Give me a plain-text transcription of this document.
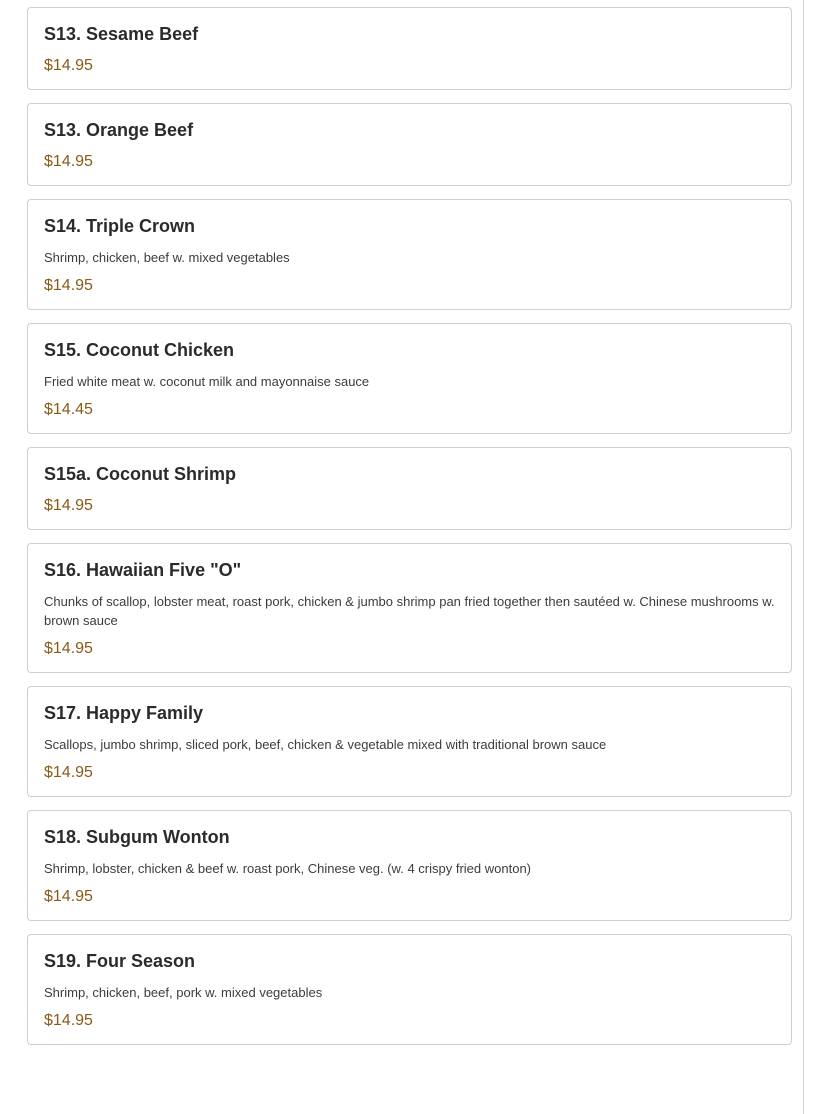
S13. Sesame Beef
$14.95
S13. Orange Beef
$14.95
S14. Triple Crown
Shrimp, chicken, beef w. mixed vegetables
$14.95
S15. Coconut Chicken
Fried white meat w. coconut milk and mayonnaise sauce
$14.45
S15a. Coconut Shrimp
$14.95
S16. Hawaiian Five "O"
Chunks of scallop, lobster meat, roast pork, chicken & jumbo shrimp pan fried together then sautéed w. Chinese mushrooms w. brown sauce
$14.95
S17. Happy Family
Scallops, jumbo shrimp, sliced pork, beef, chicken & vegetable mixed with traditional brown sauce
$14.95
S18. Subgum Wonton
Shrimp, lobster, chicken & beef w. roast pork, Chinese veg. (w. 4 crispy fried wonton)
$14.95
S19. Four Season
Shrimp, chicken, beef, pork w. mixed vegetables
$14.95
